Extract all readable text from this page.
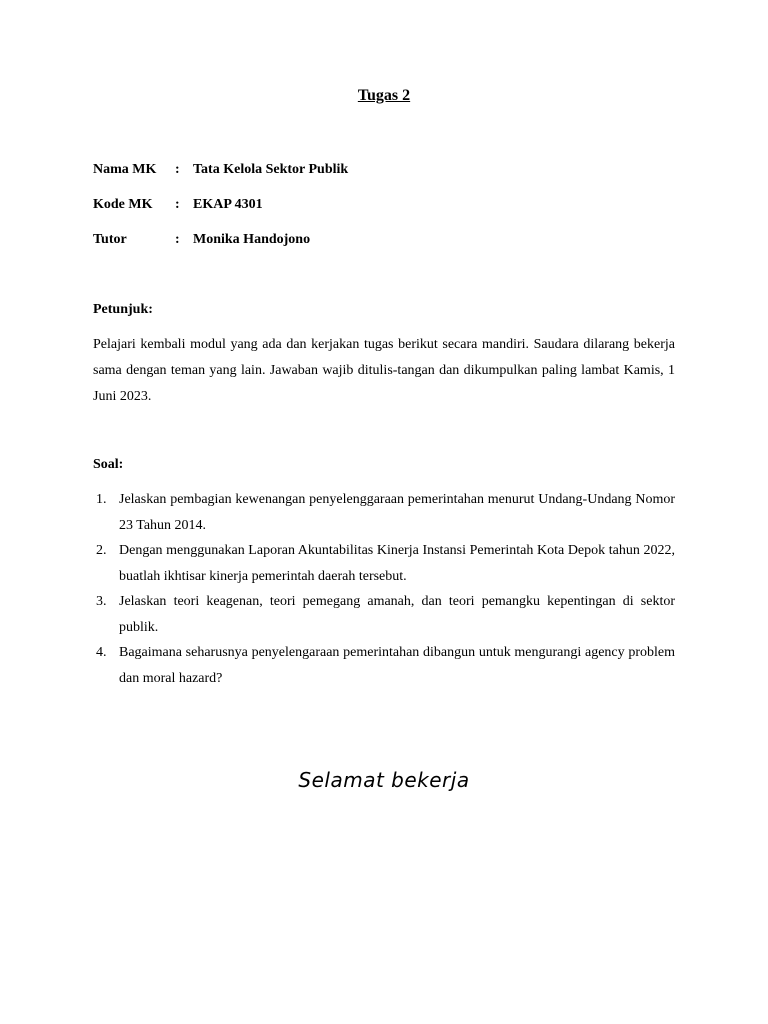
Tugas 2
Nama MK : Tata Kelola Sektor Publik
Kode MK : EKAP 4301
Tutor	: Monika Handojono
Petunjuk:
Pelajari kembali modul yang ada dan kerjakan tugas berikut secara mandiri. Saudara dilarang bekerja sama dengan teman yang lain. Jawaban wajib ditulis-tangan dan dikumpulkan paling lambat Kamis, 1 Juni 2023.
Soal:
1. Jelaskan pembagian kewenangan penyelenggaraan pemerintahan menurut Undang-Undang Nomor 23 Tahun 2014.
2. Dengan menggunakan Laporan Akuntabilitas Kinerja Instansi Pemerintah Kota Depok tahun 2022, buatlah ikhtisar kinerja pemerintah daerah tersebut.
3. Jelaskan teori keagenan, teori pemegang amanah, dan teori pemangku kepentingan di sektor publik.
4. Bagaimana seharusnya penyelengaraan pemerintahan dibangun untuk mengurangi agency problem dan moral hazard?
Selamat bekerja
